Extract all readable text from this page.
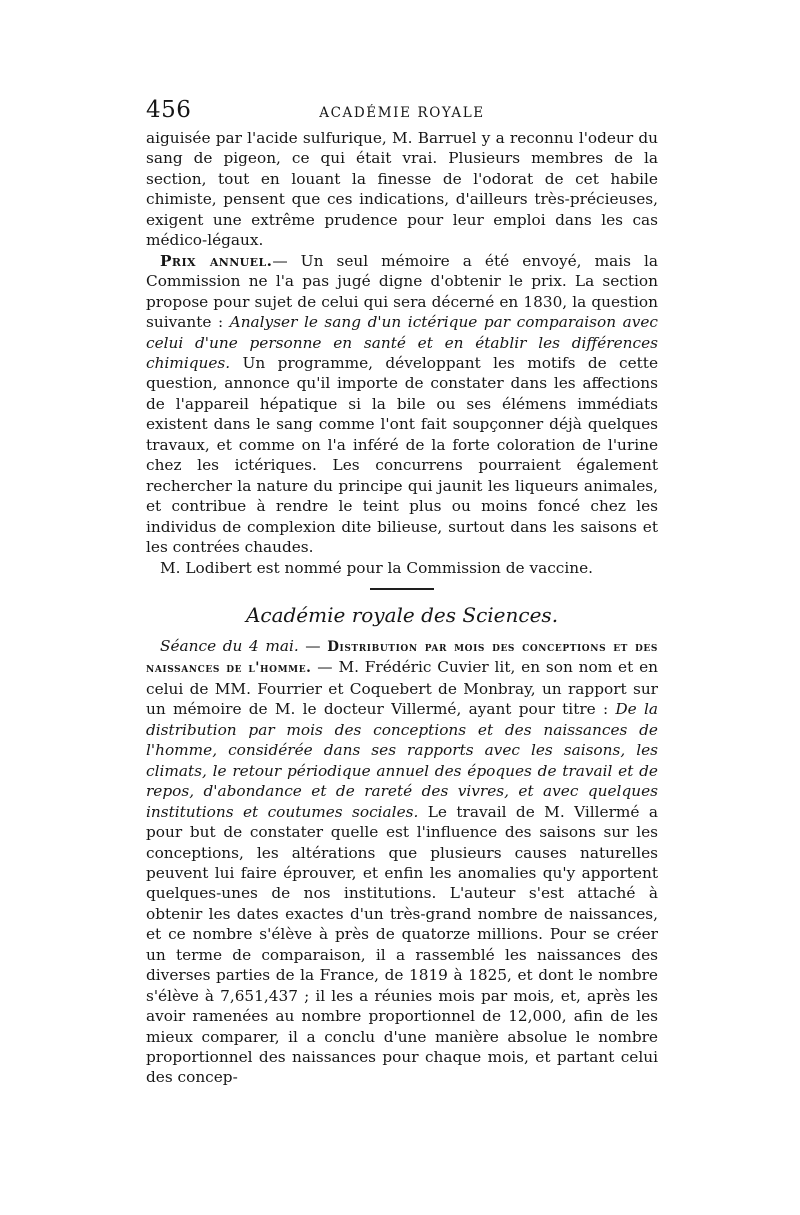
456	ACADÉMIE ROYALE

aiguisée par l'acide sulfurique, M. Barruel y a reconnu l'odeur du sang de pigeon, ce qui était vrai. Plusieurs membres de la section, tout en louant la finesse de l'odorat de cet habile chimiste, pensent que ces indications, d'ailleurs très-précieuses, exigent une extrême prudence pour leur emploi dans les cas médico-légaux.

Prix annuel.— Un seul mémoire a été envoyé, mais la Commission ne l'a pas jugé digne d'obtenir le prix. La section propose pour sujet de celui qui sera décerné en 1830, la question suivante : Analyser le sang d'un ictérique par comparaison avec celui d'une personne en santé et en établir les différences chimiques. Un programme, développant les motifs de cette question, annonce qu'il importe de constater dans les affections de l'appareil hépatique si la bile ou ses élémens immédiats existent dans le sang comme l'ont fait soupçonner déjà quelques travaux, et comme on l'a inféré de la forte coloration de l'urine chez les ictériques. Les concurrens pourraient également rechercher la nature du principe qui jaunit les liqueurs animales, et contribue à rendre le teint plus ou moins foncé chez les individus de complexion dite bilieuse, surtout dans les saisons et les contrées chaudes.

M. Lodibert est nommé pour la Commission de vaccine.

Académie royale des Sciences.

Séance du 4 mai. — Distribution par mois des conceptions et des naissances de l'homme. — M. Frédéric Cuvier lit, en son nom et en celui de MM. Fourrier et Coquebert de Monbray, un rapport sur un mémoire de M. le docteur Villermé, ayant pour titre : De la distribution par mois des conceptions et des naissances de l'homme, considérée dans ses rapports avec les saisons, les climats, le retour périodique annuel des époques de travail et de repos, d'abondance et de rareté des vivres, et avec quelques institutions et coutumes sociales. Le travail de M. Villermé a pour but de constater quelle est l'influence des saisons sur les conceptions, les altérations que plusieurs causes naturelles peuvent lui faire éprouver, et enfin les anomalies qu'y apportent quelques-unes de nos institutions. L'auteur s'est attaché à obtenir les dates exactes d'un très-grand nombre de naissances, et ce nombre s'élève à près de quatorze millions. Pour se créer un terme de comparaison, il a rassemblé les naissances des diverses parties de la France, de 1819 à 1825, et dont le nombre s'élève à 7,651,437 ; il les a réunies mois par mois, et, après les avoir ramenées au nombre proportionnel de 12,000, afin de les mieux comparer, il a conclu d'une manière absolue le nombre proportionnel des naissances pour chaque mois, et partant celui des concep-
